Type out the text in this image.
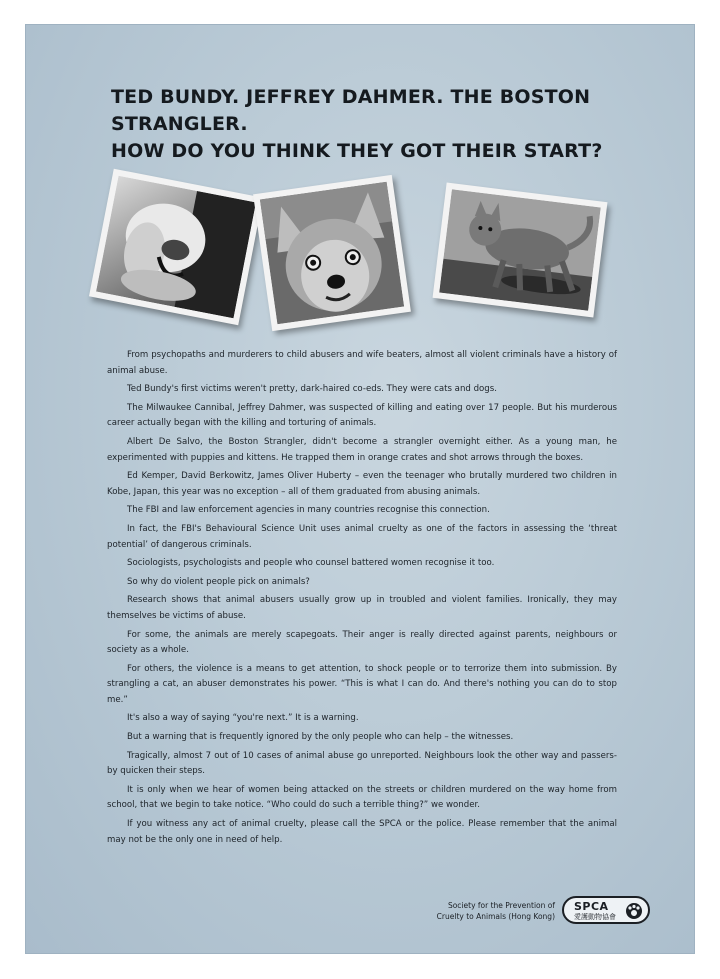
TED BUNDY. JEFFREY DAHMER. THE BOSTON STRANGLER.
HOW DO YOU THINK THEY GOT THEIR START?

From psychopaths and murderers to child abusers and wife beaters, almost all violent criminals have a history of animal abuse.

Ted Bundy's first victims weren't pretty, dark-haired co-eds. They were cats and dogs.

The Milwaukee Cannibal, Jeffrey Dahmer, was suspected of killing and eating over 17 people. But his murderous career actually began with the killing and torturing of animals.

Albert De Salvo, the Boston Strangler, didn't become a strangler overnight either. As a young man, he experimented with puppies and kittens. He trapped them in orange crates and shot arrows through the boxes.

Ed Kemper, David Berkowitz, James Oliver Huberty – even the teenager who brutally murdered two children in Kobe, Japan, this year was no exception – all of them graduated from abusing animals.

The FBI and law enforcement agencies in many countries recognise this connection.

In fact, the FBI's Behavioural Science Unit uses animal cruelty as one of the factors in assessing the ‘threat potential’ of dangerous criminals.

Sociologists, psychologists and people who counsel battered women recognise it too.

So why do violent people pick on animals?

Research shows that animal abusers usually grow up in troubled and violent families. Ironically, they may themselves be victims of abuse.

For some, the animals are merely scapegoats. Their anger is really directed against parents, neighbours or society as a whole.

For others, the violence is a means to get attention, to shock people or to terrorize them into submission. By strangling a cat, an abuser demonstrates his power. “This is what I can do. And there's nothing you can do to stop me.”

It's also a way of saying “you're next.” It is a warning.

But a warning that is frequently ignored by the only people who can help – the witnesses.

Tragically, almost 7 out of 10 cases of animal abuse go unreported. Neighbours look the other way and passers-by quicken their steps.

It is only when we hear of women being attacked on the streets or children murdered on the way home from school, that we begin to take notice. “Who could do such a terrible thing?” we wonder.

If you witness any act of animal cruelty, please call the SPCA or the police. Please remember that the animal may not be the only one in need of help.

Society for the Prevention of
Cruelty to Animals (Hong Kong)
SPCA
愛護動物協會
